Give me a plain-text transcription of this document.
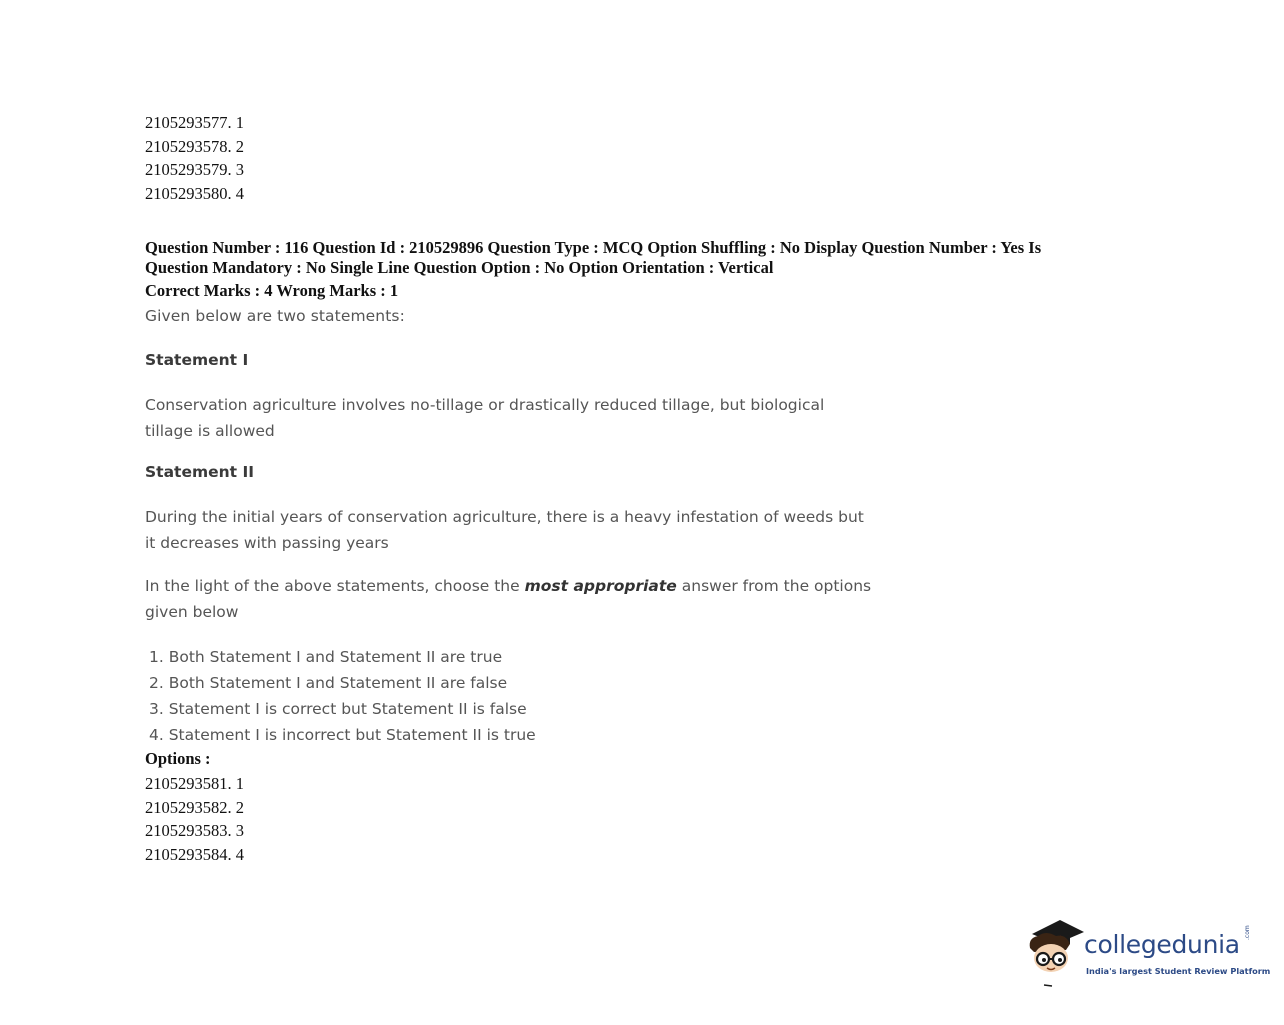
2105293577. 1
2105293578. 2
2105293579. 3
2105293580. 4
Question Number : 116 Question Id : 210529896 Question Type : MCQ Option Shuffling : No Display Question Number : Yes Is Question Mandatory : No Single Line Question Option : No Option Orientation : Vertical
Correct Marks : 4 Wrong Marks : 1
Given below are two statements:
Statement I
Conservation agriculture involves no-tillage or drastically reduced tillage, but biological tillage is allowed
Statement II
During the initial years of conservation agriculture, there is a heavy infestation of weeds but it decreases with passing years
In the light of the above statements, choose the most appropriate answer from the options given below
1. Both Statement I and Statement II are true
2. Both Statement I and Statement II are false
3. Statement I is correct but Statement II is false
4. Statement I is incorrect but Statement II is true
Options :
2105293581. 1
2105293582. 2
2105293583. 3
2105293584. 4
collegedunia .com
India's largest Student Review Platform
